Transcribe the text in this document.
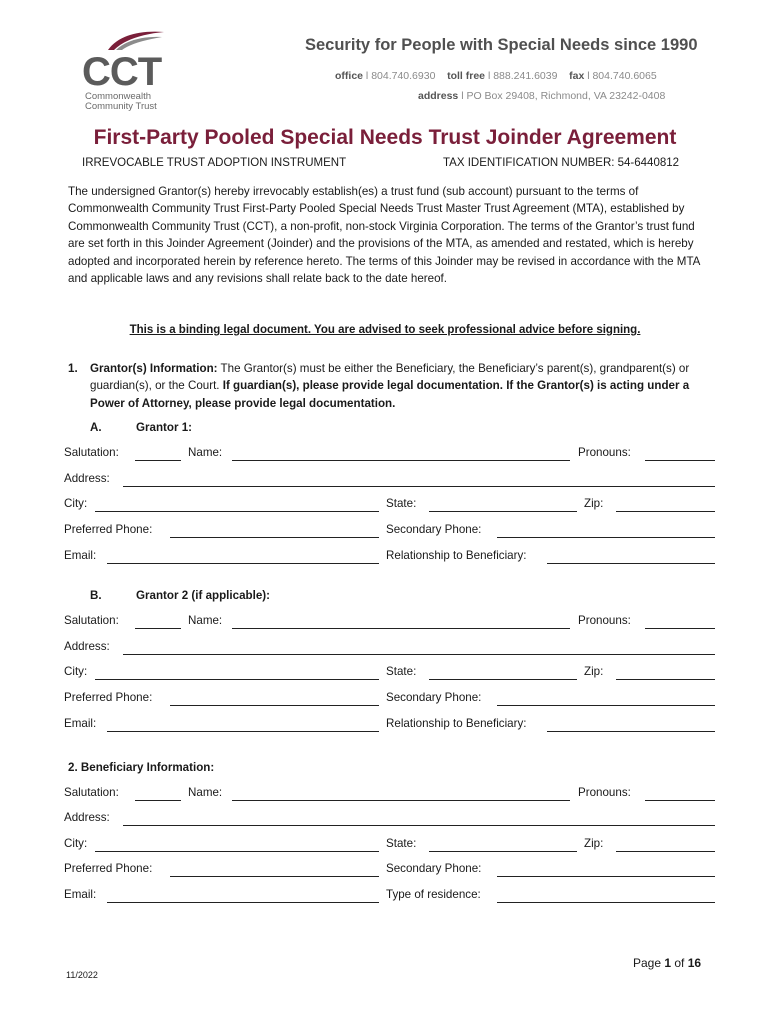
CCT
Commonwealth
Community Trust
Security for People with Special Needs since 1990
office l 804.740.6930 toll free l 888.241.6039 fax l 804.740.6065
address l PO Box 29408, Richmond, VA 23242-0408
First-Party Pooled Special Needs Trust Joinder Agreement
IRREVOCABLE TRUST ADOPTION INSTRUMENT	TAX IDENTIFICATION NUMBER: 54-6440812
The undersigned Grantor(s) hereby irrevocably establish(es) a trust fund (sub account) pursuant to the terms of Commonwealth Community Trust First-Party Pooled Special Needs Trust Master Trust Agreement (MTA), established by Commonwealth Community Trust (CCT), a non-profit, non-stock Virginia Corporation. The terms of the Grantor’s trust fund are set forth in this Joinder Agreement (Joinder) and the provisions of the MTA, as amended and restated, which is hereby adopted and incorporated herein by reference hereto. The terms of this Joinder may be revised in accordance with the MTA and applicable laws and any revisions shall relate back to the date hereof.
This is a binding legal document. You are advised to seek professional advice before signing.
1. Grantor(s) Information: The Grantor(s) must be either the Beneficiary, the Beneficiary’s parent(s), grandparent(s) or guardian(s), or the Court. If guardian(s), please provide legal documentation. If the Grantor(s) is acting under a Power of Attorney, please provide legal documentation.
A.	Grantor 1:
Salutation:	Name:	Pronouns:
Address:
City:	State:	Zip:
Preferred Phone:	Secondary Phone:
Email:	Relationship to Beneficiary:
B.	Grantor 2 (if applicable):
Salutation:	Name:	Pronouns:
Address:
City:	State:	Zip:
Preferred Phone:	Secondary Phone:
Email:	Relationship to Beneficiary:
2. Beneficiary Information:
Salutation:	Name:	Pronouns:
Address:
City:	State:	Zip:
Preferred Phone:	Secondary Phone:
Email:	Type of residence:
Page 1 of 16
11/2022
